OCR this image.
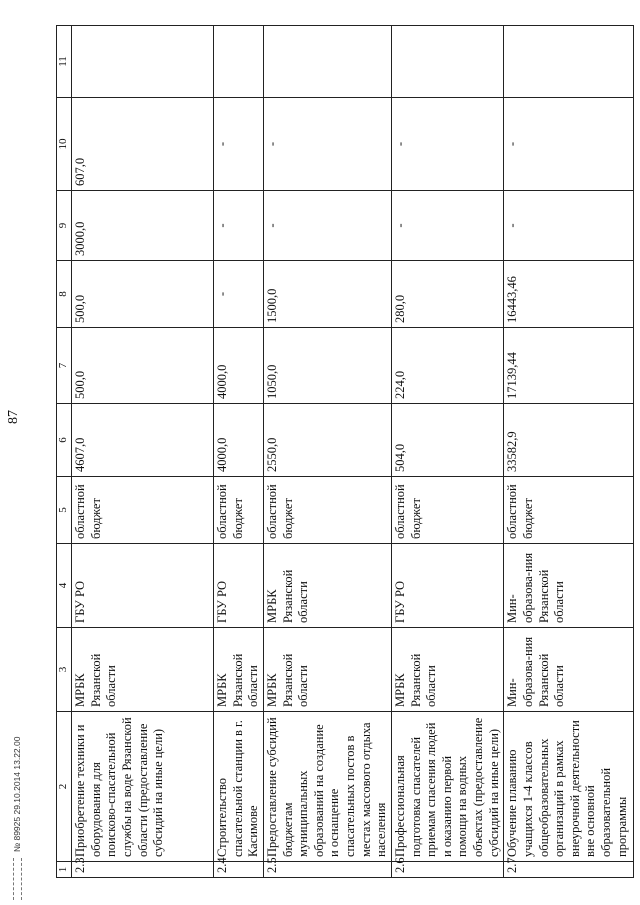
87
1	2	3	4	5	6	7	8	9	10	11
2.3	Приобретение техники и оборудования для поисково-спасательной службы на воде Рязанской области (предоставление субсидий на иные цели)	МРБК Рязанской области	ГБУ РО	областной бюджет	4607,0	500,0	500,0	3000,0	607,0	
2.4	Строительство спасательной станции в г. Касимове	МРБК Рязанской области	ГБУ РО	областной бюджет	4000,0	4000,0	-	-	-	
2.5	Предоставление субсидий бюджетам муниципальных образований на создание и оснащение спасательных постов в местах массового отдыха населения	МРБК Рязанской области	МРБК Рязанской области	областной бюджет	2550,0	1050,0	1500,0	-	-	
2.6	Профессиональная подготовка спасателей приемам спасения людей и оказанию первой помощи на водных объектах (предоставление субсидий на иные цели)	МРБК Рязанской области	ГБУ РО	областной бюджет	504,0	224,0	280,0	-	-	
2.7	Обучение плаванию учащихся 1-4 классов общеобразовательных организаций в рамках внеурочной деятельности вне основной образовательной программы	Мин-образова-ния Рязанской области	Мин-образова-ния Рязанской области	областной бюджет	33582,9	17139,44	16443,46	-	-	
№ 89925 29.10.2014 13.22.00
